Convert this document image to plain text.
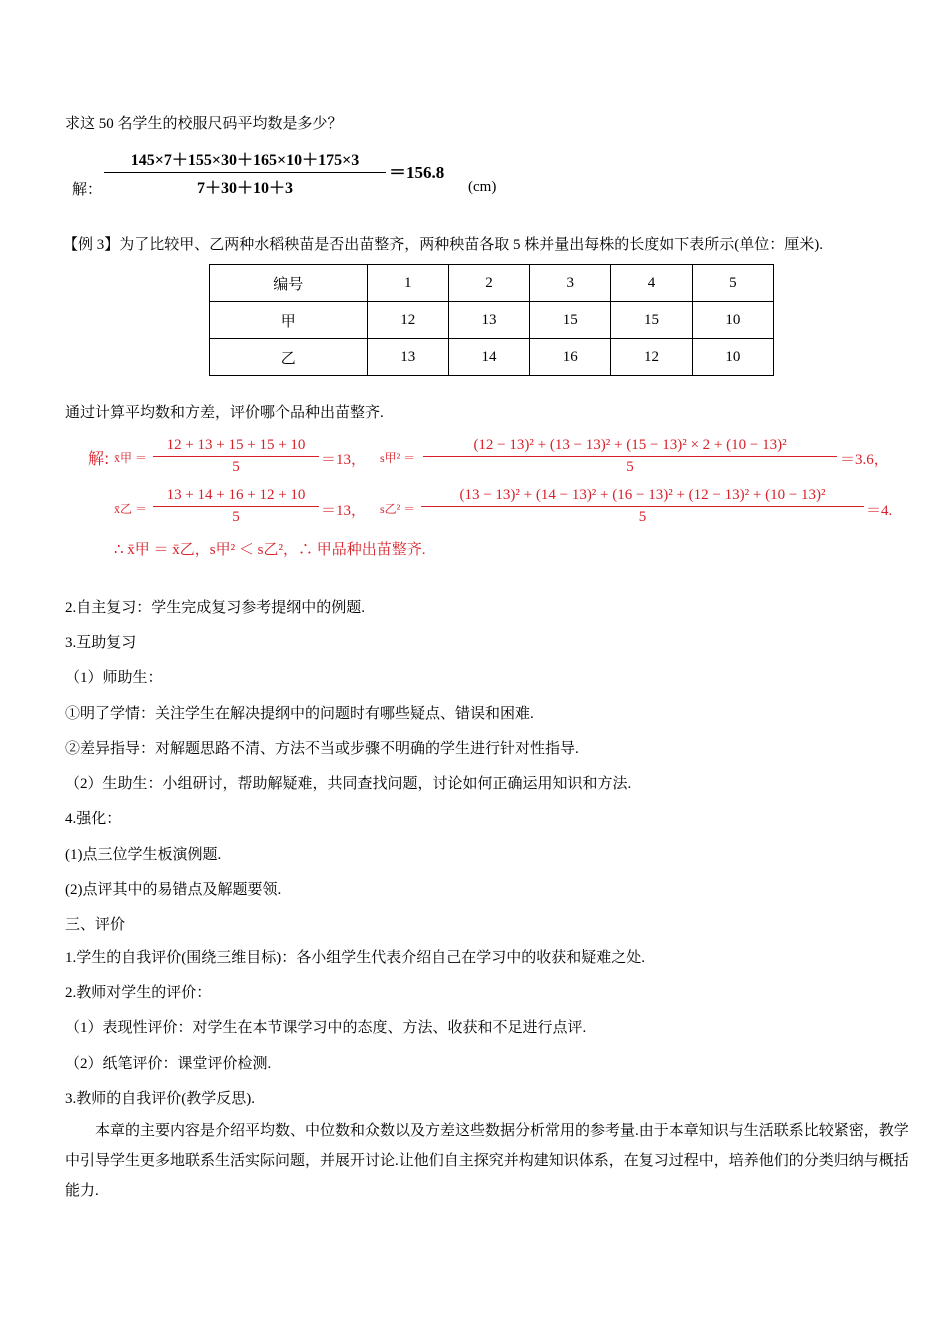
求这 50 名学生的校服尺码平均数是多少？
解：
145×7＋155×30＋165×10＋175×3
7＋30＋10＋3
＝156.8
(cm)
【例 3】为了比较甲、乙两种水稻秧苗是否出苗整齐，两种秧苗各取 5 株并量出每株的长度如下表所示(单位：厘米).
编号	1	2	3	4	5
甲	12	13	15	15	10
乙	13	14	16	12	10
通过计算平均数和方差，评价哪个品种出苗整齐.
解: x̄甲 ＝
12 + 13 + 15 + 15 + 10
5	＝13， s甲² ＝
(12 − 13)² + (13 − 13)² + (15 − 13)² × 2 + (10 − 13)²
5	＝3.6，
x̄乙 ＝
13 + 14 + 16 + 12 + 10
5	＝13， s乙² ＝
(13 − 13)² + (14 − 13)² + (16 − 13)² + (12 − 13)² + (10 − 13)²
5	＝4.
∴ x̄甲 ＝ x̄乙，s甲² ＜ s乙²，∴ 甲品种出苗整齐.
2.自主复习：学生完成复习参考提纲中的例题.
3.互助复习
（1）师助生：
①明了学情：关注学生在解决提纲中的问题时有哪些疑点、错误和困难.
②差异指导：对解题思路不清、方法不当或步骤不明确的学生进行针对性指导.
（2）生助生：小组研讨，帮助解疑难，共同查找问题，讨论如何正确运用知识和方法.
4.强化：
(1)点三位学生板演例题.
(2)点评其中的易错点及解题要领.
三、评价
1.学生的自我评价(围绕三维目标)：各小组学生代表介绍自己在学习中的收获和疑难之处.
2.教师对学生的评价：
（1）表现性评价：对学生在本节课学习中的态度、方法、收获和不足进行点评.
（2）纸笔评价：课堂评价检测.
3.教师的自我评价(教学反思).
本章的主要内容是介绍平均数、中位数和众数以及方差这些数据分析常用的参考量.由于本章知识与生活联系比较紧密，教学中引导学生更多地联系生活实际问题，并展开讨论.让他们自主探究并构建知识体系，在复习过程中，培养他们的分类归纳与概括能力.
